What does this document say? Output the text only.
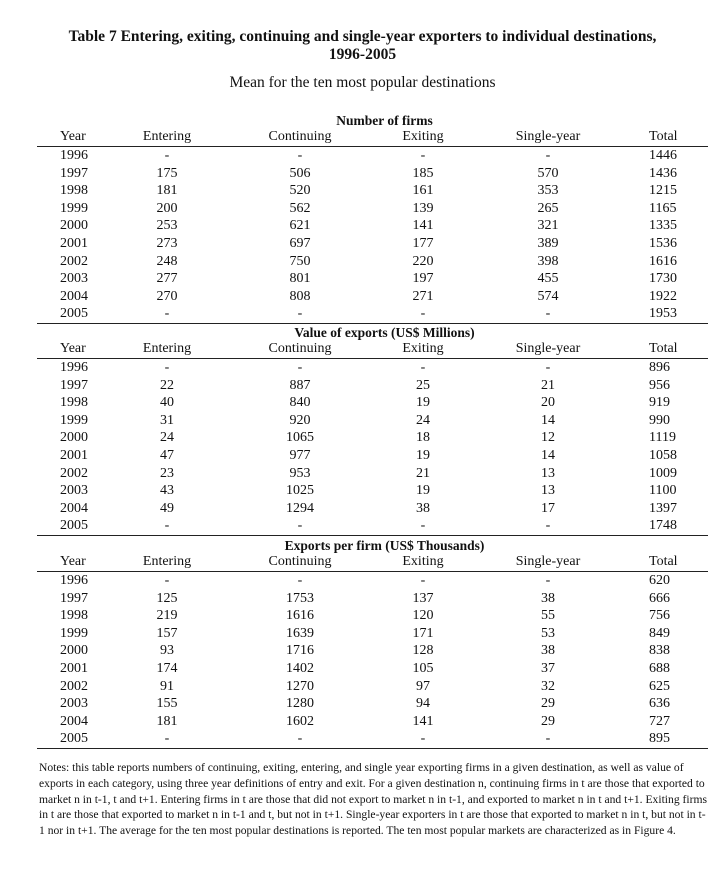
Table 7 Entering, exiting, continuing and single-year exporters to individual destinations,
1996-2005
Mean for the ten most popular destinations
Number of firms
Year	Entering	Continuing	Exiting	Single-year	Total
1996	-	-	-	-	1446
1997	175	506	185	570	1436
1998	181	520	161	353	1215
1999	200	562	139	265	1165
2000	253	621	141	321	1335
2001	273	697	177	389	1536
2002	248	750	220	398	1616
2003	277	801	197	455	1730
2004	270	808	271	574	1922
2005	-	-	-	-	1953
Value of exports (US$ Millions)
Year	Entering	Continuing	Exiting	Single-year	Total
1996	-	-	-	-	896
1997	22	887	25	21	956
1998	40	840	19	20	919
1999	31	920	24	14	990
2000	24	1065	18	12	1119
2001	47	977	19	14	1058
2002	23	953	21	13	1009
2003	43	1025	19	13	1100
2004	49	1294	38	17	1397
2005	-	-	-	-	1748
Exports per firm (US$ Thousands)
Year	Entering	Continuing	Exiting	Single-year	Total
1996	-	-	-	-	620
1997	125	1753	137	38	666
1998	219	1616	120	55	756
1999	157	1639	171	53	849
2000	93	1716	128	38	838
2001	174	1402	105	37	688
2002	91	1270	97	32	625
2003	155	1280	94	29	636
2004	181	1602	141	29	727
2005	-	-	-	-	895
Notes: this table reports numbers of continuing, exiting, entering, and single year exporting firms in a given destination, as well as value of exports in each category, using three year definitions of entry and exit. For a given destination n, continuing firms in t are those that exported to market n in t-1, t and t+1. Entering firms in t are those that did not export to market n in t-1, and exported to market n in t and t+1. Exiting firms in t are those that exported to market n in t-1 and t, but not in t+1. Single-year exporters in t are those that exported to market n in t, but not in t-1 nor in t+1. The average for the ten most popular destinations is reported. The ten most popular markets are characterized as in Figure 4.
